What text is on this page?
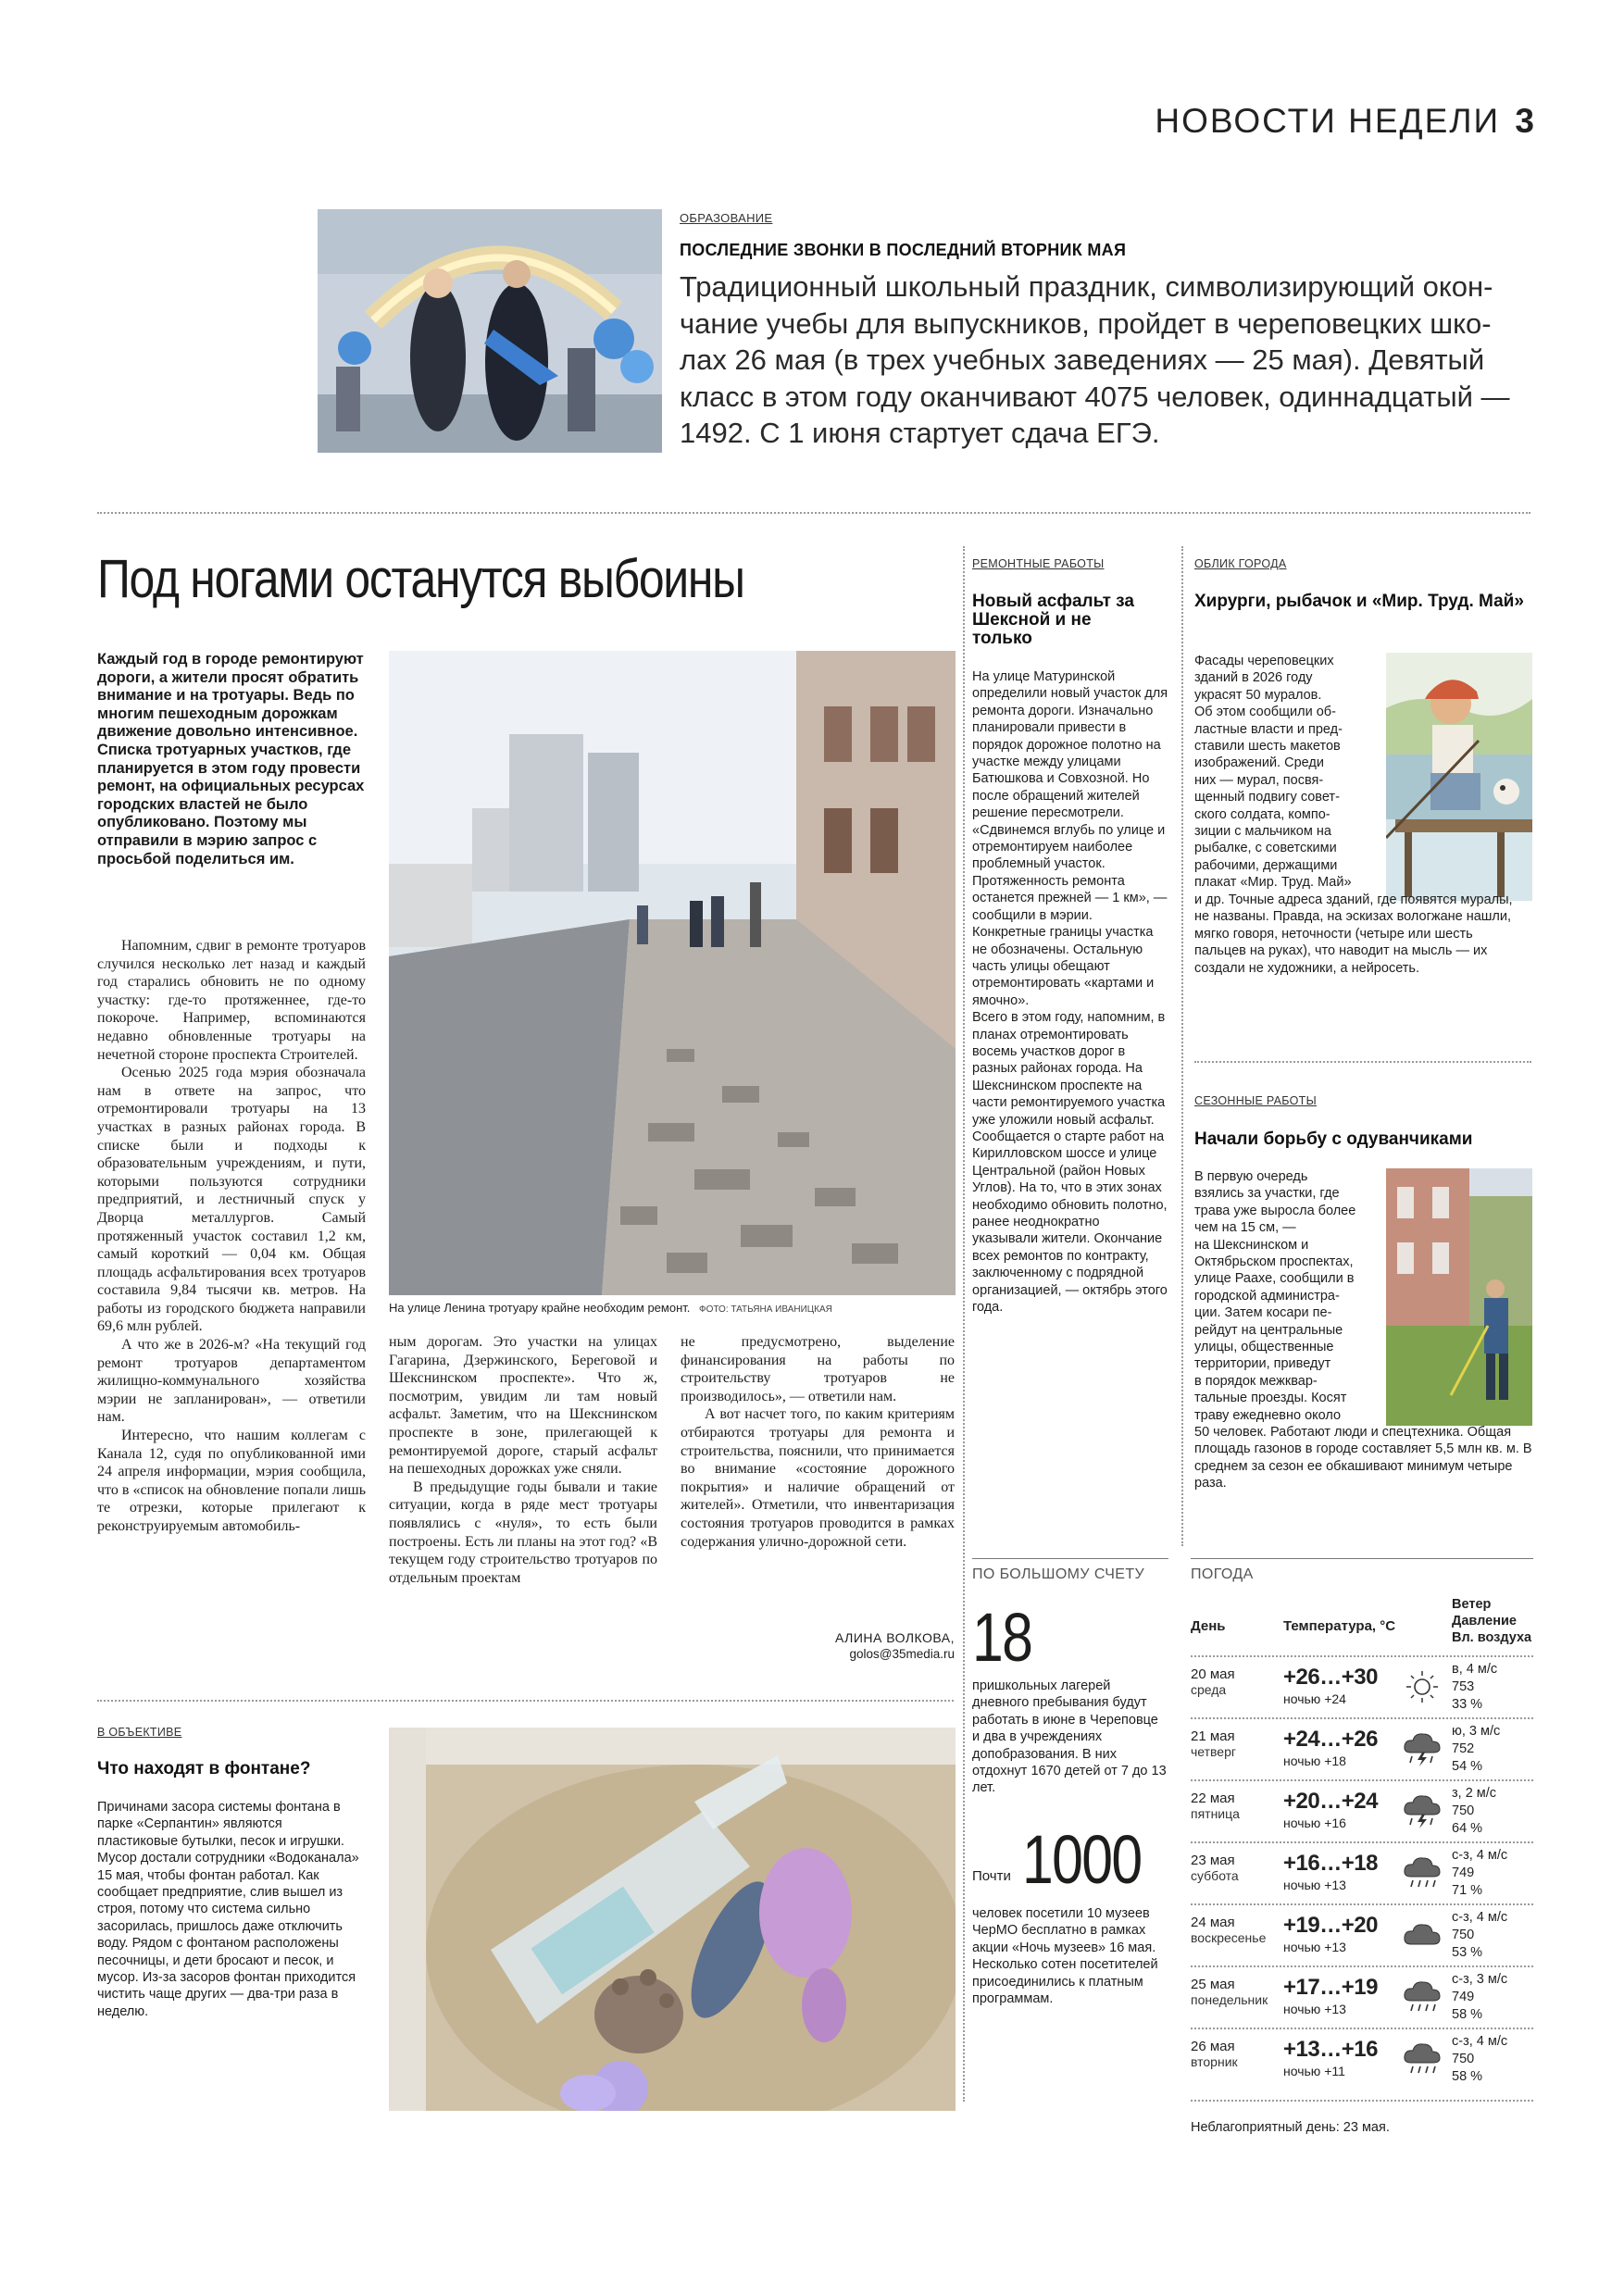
НОВОСТИ НЕДЕЛИ 3
ОБРАЗОВАНИЕ
ПОСЛЕДНИЕ ЗВОНКИ В ПОСЛЕДНИЙ ВТОРНИК МАЯ
Традиционный школьный праздник, символизирующий окон-
чание учебы для выпускников, пройдет в череповецких шко-
лах 26 мая (в трех учебных заведениях — 25 мая). Девятый
класс в этом году оканчивают 4075 человек, одиннадцатый —
1492. С 1 июня стартует сдача ЕГЭ.
Под ногами останутся выбоины
Каждый год в городе ремонтируют дороги, а жители просят обратить внимание и на тротуары. Ведь по многим пешеходным дорожкам движение довольно интенсивное. Списка тротуарных участков, где планируется в этом году провести ремонт, на официальных ресурсах городских властей не было опубликовано. Поэтому мы отправили в мэрию запрос с просьбой поделиться им.

Напомним, сдвиг в ремонте тротуаров случился несколько лет назад и каждый год старались обновить не по одному участку: где-то протяженнее, где-то покороче. Например, вспоминаются недавно обновленные тротуары на нечетной стороне проспекта Строителей.

Осенью 2025 года мэрия обозначала нам в ответе на запрос, что отремонтировали тротуары на 13 участках в разных районах города. В списке были и подходы к образовательным учреждениям, и пути, которыми пользуются сотрудники предприятий, и лестничный спуск у Дворца металлургов. Самый протяженный участок составил 1,2 км, самый короткий — 0,04 км. Общая площадь асфальтирования всех тротуаров составила 9,84 тысячи кв. метров. На работы из городского бюджета направили 69,6 млн рублей.

А что же в 2026-м? «На текущий год ремонт тротуаров департаментом жилищно-коммунального хозяйства мэрии не запланирован», — ответили нам.

Интересно, что нашим коллегам с Канала 12, судя по опубликованной ими 24 апреля информации, мэрия сообщила, что в «список на обновление попали лишь те отрезки, которые прилегают к реконструируемым автомобиль-

На улице Ленина тротуару крайне необходим ремонт. ФОТО: ТАТЬЯНА ИВАНИЦКАЯ

ным дорогам. Это участки на улицах Гагарина, Дзержинского, Береговой и Шекснинском проспекте». Что ж, посмотрим, увидим ли там новый асфальт. Заметим, что на Шекснинском проспекте в зоне, прилегающей к ремонтируемой дороге, старый асфальт на пешеходных дорожках уже сняли.

В предыдущие годы бывали и такие ситуации, когда в ряде мест тротуары появлялись с «нуля», то есть были построены. Есть ли планы на этот год? «В текущем году строительство тротуаров по отдельным проектам

не предусмотрено, выделение финансирования на работы по строительству тротуаров не производилось», — ответили нам.

А вот насчет того, по каким критериям отбираются тротуары для ремонта и строительства, пояснили, что принимается во внимание «состояние дорожного покрытия» и наличие обращений от жителей». Отметили, что инвентаризация состояния тротуаров проводится в рамках содержания улично-дорожной сети.

АЛИНА ВОЛКОВА,
golos@35media.ru
РЕМОНТНЫЕ РАБОТЫ
Новый асфальт за Шексной и не только

На улице Матуринской определили новый участок для ремонта дороги. Изначально планировали привести в порядок дорожное полотно на участке между улицами Батюшкова и Совхозной. Но после обращений жителей решение пересмотрели.

«Сдвинемся вглубь по улице и отремонтируем наиболее проблемный участок. Протяженность ремонта останется прежней — 1 км», — сообщили в мэрии. Конкретные границы участка не обозначены. Остальную часть улицы обещают отремонтировать «картами и ямочно».

Всего в этом году, напомним, в планах отремонтировать восемь участков дорог в разных районах города. На Шекснинском проспекте на части ремонтируемого участка уже уложили новый асфальт. Сообщается о старте работ на Кирилловском шоссе и улице Центральной (район Новых Углов). На то, что в этих зонах необходимо обновить полотно, ранее неоднократно указывали жители. Окончание всех ремонтов по контракту, заключенному с подрядной организацией, — октябрь этого года.

ОБЛИК ГОРОДА
Хирурги, рыбачок и «Мир. Труд. Май»
Фасады череповецких
зданий в 2026 году
украсят 50 муралов.
Об этом сообщили об-
ластные власти и пред-
ставили шесть макетов
изображений. Среди
них — мурал, посвя-
щенный подвигу совет-
ского солдата, компо-
зиции с мальчиком на
рыбалке, с советскими
рабочими, держащими
плакат «Мир. Труд. Май»
и др. Точные адреса зданий, где появятся муралы, не названы. Правда, на эскизах вологжане нашли, мягко говоря, неточности (четыре или шесть пальцев на руках), что наводит на мысль — их создали не художники, а нейросеть.
СЕЗОННЫЕ РАБОТЫ
Начали борьбу с одуванчиками
В первую очередь
взялись за участки, где
трава уже выросла более
чем на 15 см, —
на Шекснинском и
Октябрьском проспектах,
улице Раахе, сообщили в
городской администра-
ции. Затем косари пе-
рейдут на центральные
улицы, общественные
территории, приведут
в порядок межквар-
тальные проезды. Косят
траву ежедневно около
50 человек. Работают люди и спецтехника. Общая площадь газонов в городе составляет 5,5 млн кв. м. В среднем за сезон ее обкашивают минимум четыре раза.
В ОБЪЕКТИВЕ
Что находят в фонтане?
Причинами засора системы фонтана в парке «Серпантин» являются пластиковые бутылки, песок и игрушки. Мусор достали сотрудники «Водоканала» 15 мая, чтобы фонтан работал. Как сообщает предприятие, слив вышел из строя, потому что система сильно засорилась, пришлось даже отключить воду. Рядом с фонтаном расположены песочницы, и дети бросают и песок, и мусор. Из-за засоров фонтан приходится чистить чаще других — два-три раза в неделю.
ПО БОЛЬШОМУ СЧЕТУ
18
пришкольных лагерей дневного пребывания будут работать в июне в Череповце и два в учреждениях допобразования. В них отдохнут 1670 детей от 7 до 13 лет.
Почти 1000
человек посетили 10 музеев ЧерМО бесплатно в рамках акции «Ночь музеев» 16 мая. Несколько сотен посетителей присоединились к платным программам.
ПОГОДА
День	Температура, °С
Ветер
Давление
Вл. воздуха
20 мая
среда	+26…+30
ночью +24
в, 4 м/с
753
33 %
21 мая
четверг +24…+26
ночью +18
ю, 3 м/с
752
54 %
22 мая
пятница +20…+24
ночью +16
з, 2 м/с
750
64 %
23 мая
суббота +16…+18
ночью +13
с-з, 4 м/с
749
71 %
24 мая
воскресенье +19…+20
ночью +13
с-з, 4 м/с
750
53 %
25 мая
понедельник +17…+19
ночью +13
с-з, 3 м/с
749
58 %
26 мая
вторник +13…+16
ночью +11
с-з, 4 м/с
750
58 %
Неблагоприятный день: 23 мая.
